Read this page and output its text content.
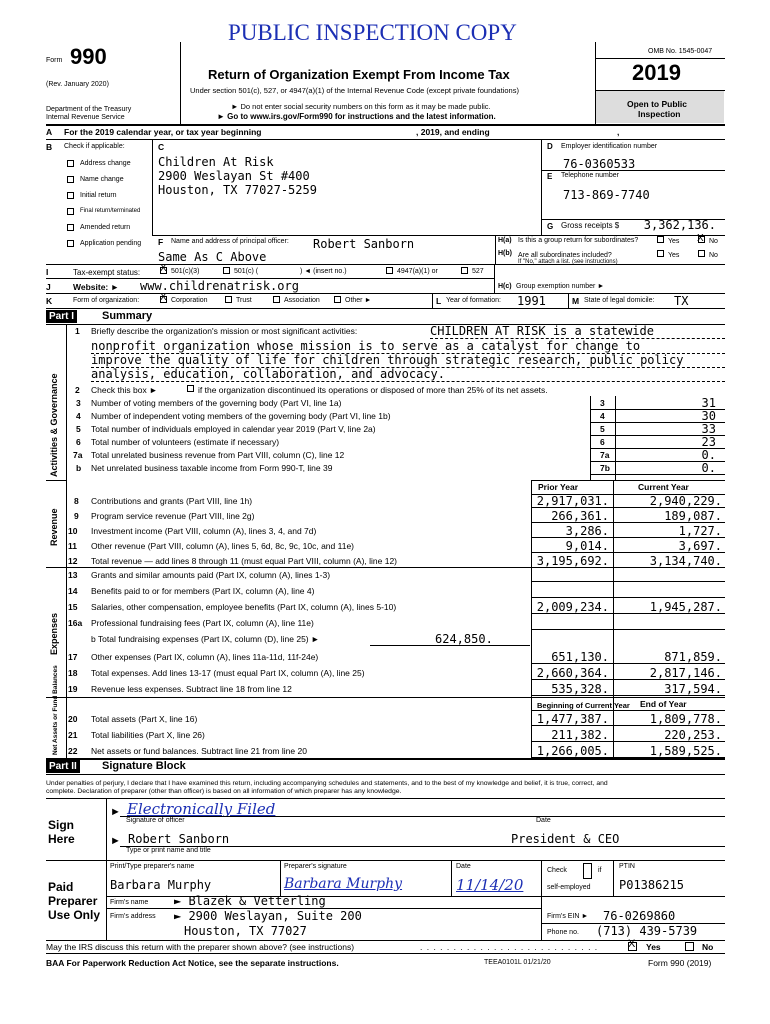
PUBLIC INSPECTION COPY
Form 990
(Rev. January 2020)
Department of the Treasury
Internal Revenue Service
Return of Organization Exempt From Income Tax
Under section 501(c), 527, or 4947(a)(1) of the Internal Revenue Code (except private foundations)
► Do not enter social security numbers on this form as it may be made public.
► Go to www.irs.gov/Form990 for instructions and the latest information.
OMB No. 1545-0047
2019
Open to Public
Inspection
A For the 2019 calendar year, or tax year beginning	, 2019, and ending	,
B Check if applicable:	C
Address change
Name change
Initial return
Final return/terminated
Amended return
Application pending
Children At Risk
2900 Weslayan St #400
Houston, TX 77027-5259
D Employer identification number
76-0360533
E Telephone number
713-869-7740
G Gross receipts $ 3,362,136.
F Name and address of principal officer: Robert Sanborn
Same As C Above
H(a) Is this a group return for subordinates?	Yes X No
H(b) Are all subordinates included?
If "No," attach a list. (see instructions)
Yes	No
I	Tax-exempt status: X 501(c)(3)	501(c) (	) ◄ (insert no.)	4947(a)(1) or	527
J	Website: ► www.childrenatrisk.org	H(c) Group exemption number ►
K	Form of organization: X Corporation	Trust	Association	Other ►	L Year of formation: 1991	M State of legal domicile: TX
Part I	Summary
Activities & Governance
Revenue
Expenses
Net Assets or Fund Balances
1 Briefly describe the organization's mission or most significant activities:	CHILDREN AT RISK is a statewide
nonprofit organization whose mission is to serve as a catalyst for change to
improve the quality of life for children through strategic research, public policy
analysis, education, collaboration, and advocacy.
2 Check this box ►	if the organization discontinued its operations or disposed of more than 25% of its net assets.
3 Number of voting members of the governing body (Part VI, line 1a)	3	31
4 Number of independent voting members of the governing body (Part VI, line 1b)	4	30
5 Total number of individuals employed in calendar year 2019 (Part V, line 2a)	5	33
6 Total number of volunteers (estimate if necessary)	6	23
7a Total unrelated business revenue from Part VIII, column (C), line 12	7a	0.
b Net unrelated business taxable income from Form 990-T, line 39	7b	0.
Prior Year	Current Year
8 Contributions and grants (Part VIII, line 1h)	2,917,031.	2,940,229.
9 Program service revenue (Part VIII, line 2g)	266,361.	189,087.
10 Investment income (Part VIII, column (A), lines 3, 4, and 7d)	3,286.	1,727.
11 Other revenue (Part VIII, column (A), lines 5, 6d, 8c, 9c, 10c, and 11e)	9,014.	3,697.
12 Total revenue — add lines 8 through 11 (must equal Part VIII, column (A), line 12)	3,195,692.	3,134,740.
13 Grants and similar amounts paid (Part IX, column (A), lines 1-3)
14 Benefits paid to or for members (Part IX, column (A), line 4)
15 Salaries, other compensation, employee benefits (Part IX, column (A), lines 5-10)	2,009,234.	1,945,287.
16a Professional fundraising fees (Part IX, column (A), line 11e)
17 Other expenses (Part IX, column (A), lines 11a-11d, 11f-24e)	651,130.	871,859.
18 Total expenses. Add lines 13-17 (must equal Part IX, column (A), line 25)	2,660,364.	2,817,146.
19 Revenue less expenses. Subtract line 18 from line 12	535,328.	317,594.
20 Total assets (Part X, line 16)	1,477,387.	1,809,778.
21 Total liabilities (Part X, line 26)	211,382.	220,253.
22 Net assets or fund balances. Subtract line 21 from line 20	1,266,005.	1,589,525.
b Total fundraising expenses (Part IX, column (D), line 25) ►	624,850.
Beginning of Current Year End of Year
Part II Signature Block
Under penalties of perjury, I declare that I have examined this return, including accompanying schedules and statements, and to the best of my knowledge and belief, it is true, correct, and
complete. Declaration of preparer (other than officer) is based on all information of which preparer has any knowledge.
Sign
Here
► Electronically Filed
Signature of officer	Date
► Robert Sanborn	President & CEO
Type or print name and title
Paid
Preparer
Use Only
Print/Type preparer's name	Preparer's signature	Date
Check	if
self-employed
PTIN
Barbara Murphy	Barbara Murphy	11/14/20	P01386215
Firm's name ► Blazek & Vetterling
Firm's EIN ► 76-0269860
Firm's address ► 2900 Weslayan, Suite 200
Houston, TX 77027	Phone no. (713) 439-5739
May the IRS discuss this return with the preparer shown above? (see instructions)	. . . . . . . . . . . . . . . . . . . . . . . . . . .	X Yes	No
BAA For Paperwork Reduction Act Notice, see the separate instructions.	TEEA0101L 01/21/20	Form 990 (2019)
